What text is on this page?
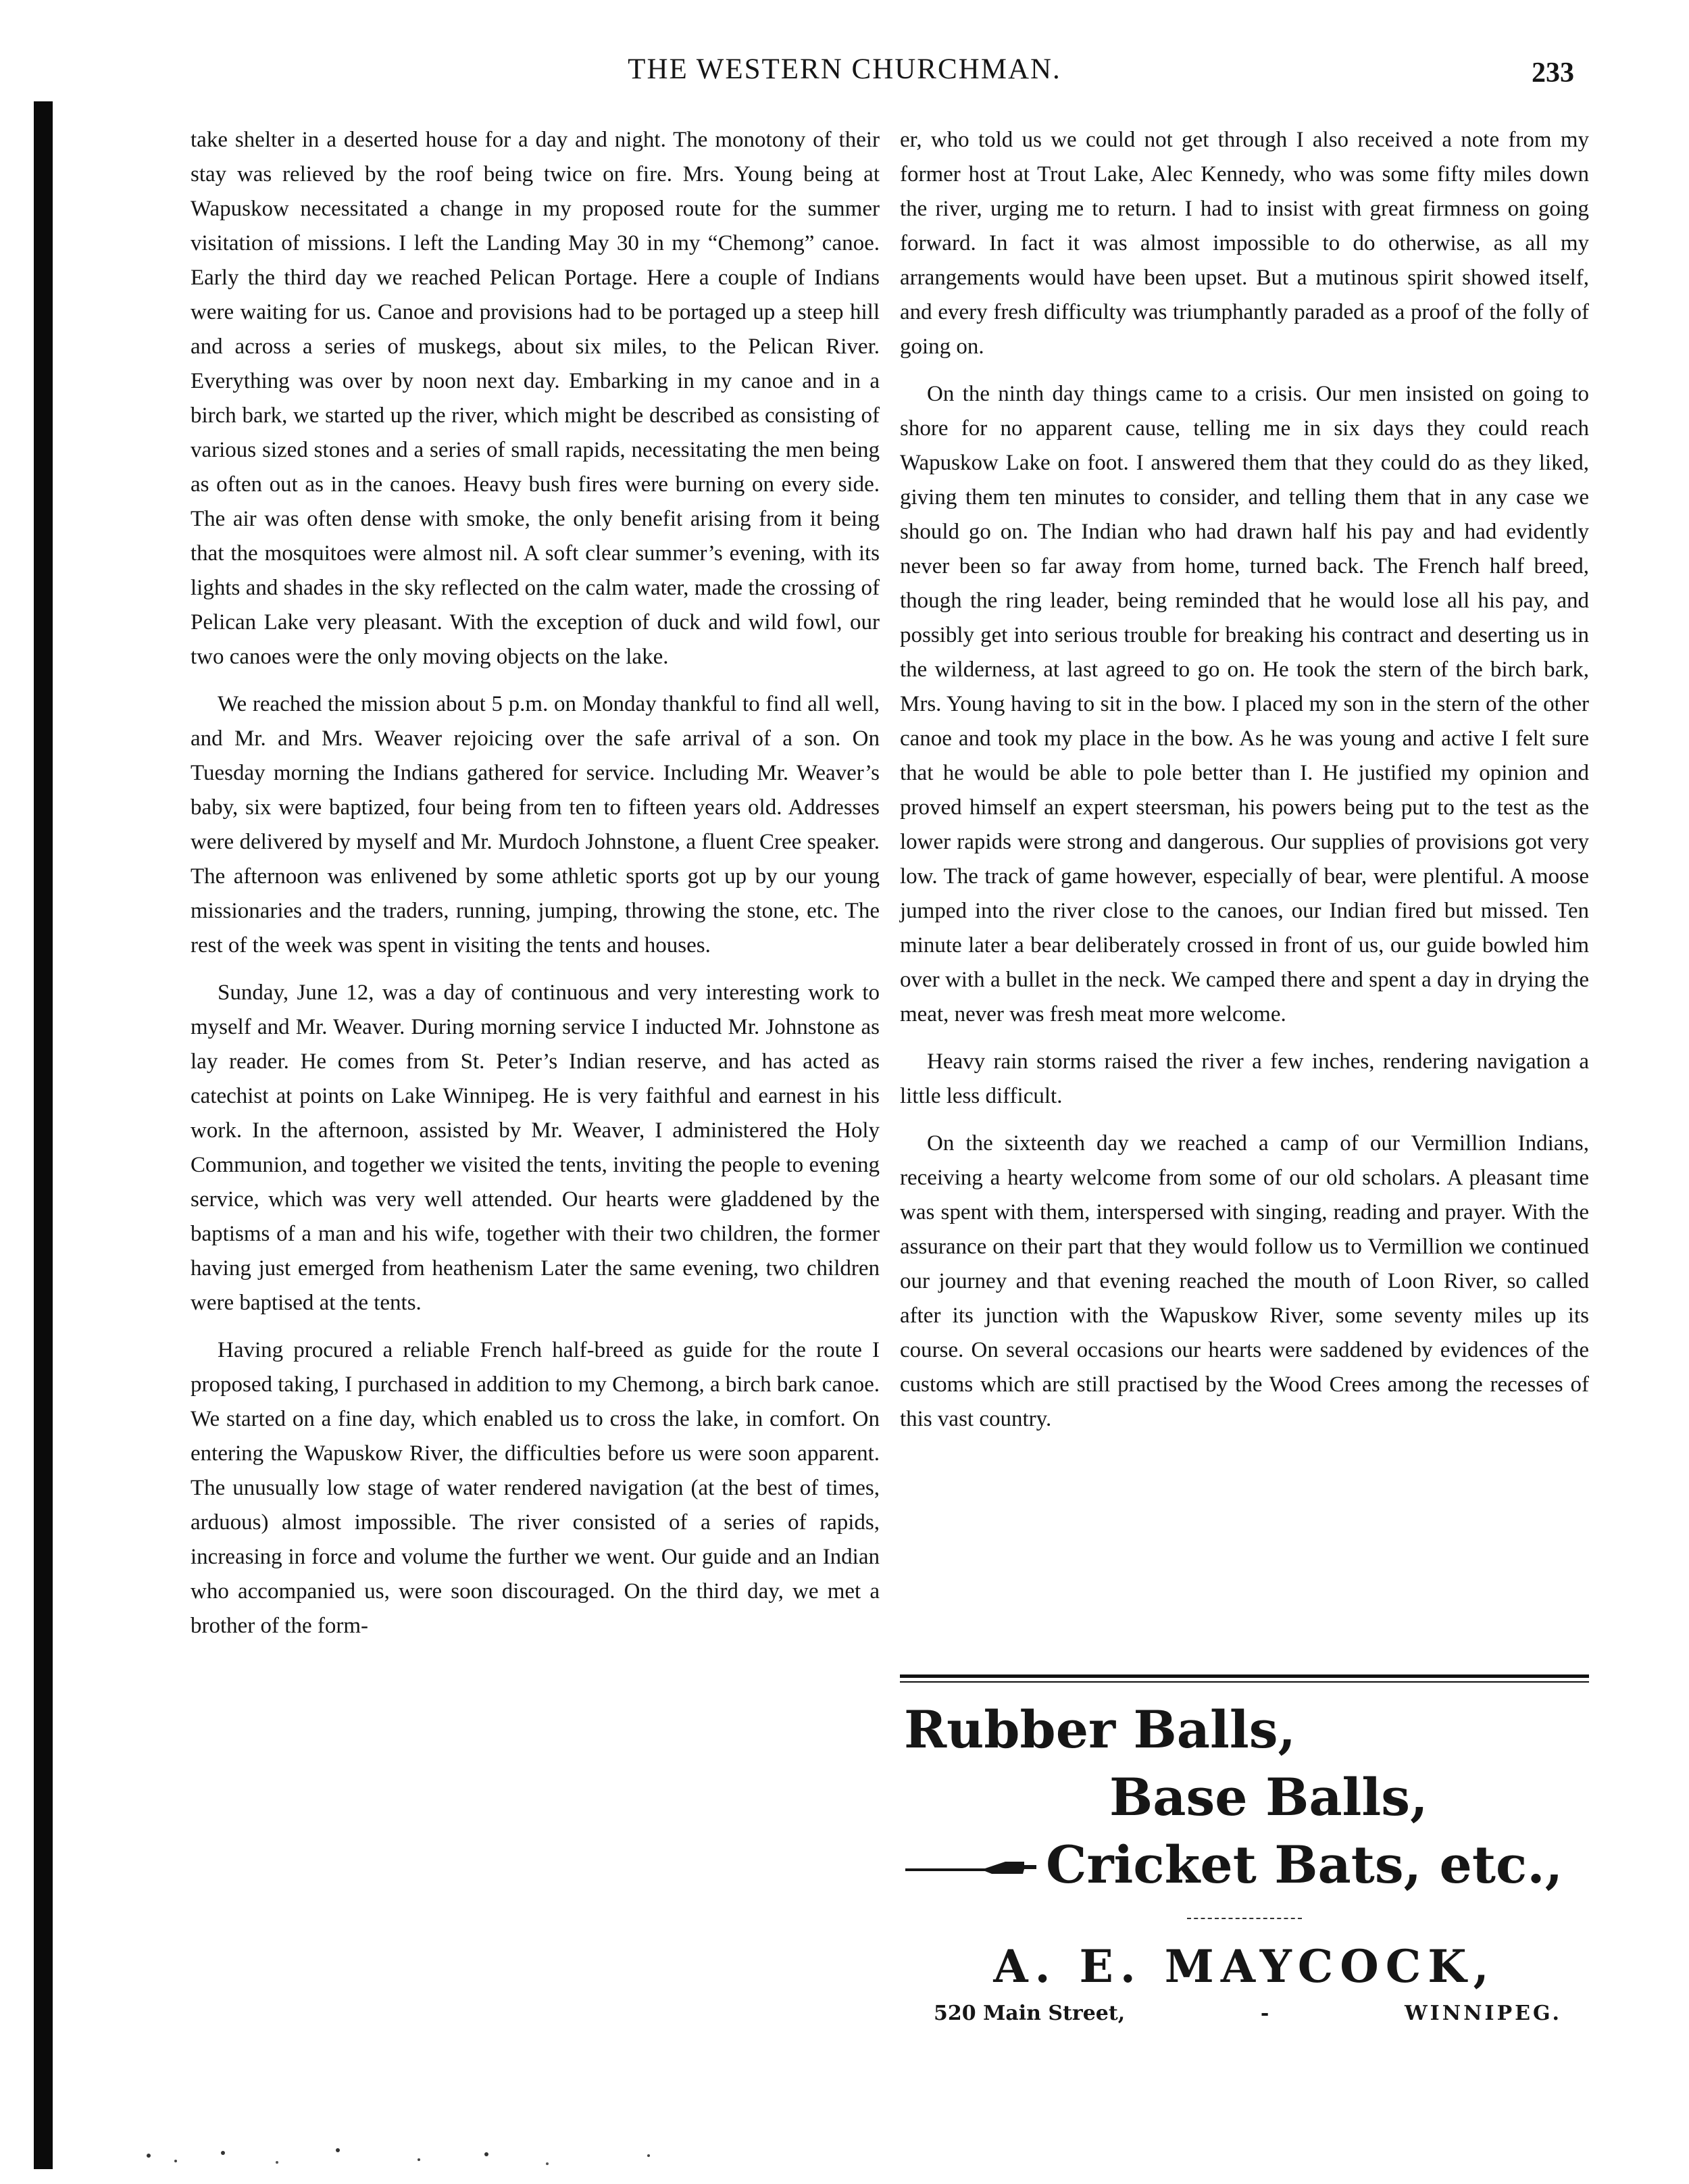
THE WESTERN CHURCHMAN.	233

take shelter in a deserted house for a day and night. The monotony of their stay was relieved by the roof being twice on fire. Mrs. Young being at Wapuskow necessitated a change in my proposed route for the summer visitation of missions. I left the Landing May 30 in my “Chemong” canoe. Early the third day we reached Pelican Portage. Here a couple of Indians were waiting for us. Canoe and provisions had to be portaged up a steep hill and across a series of muskegs, about six miles, to the Pelican River. Everything was over by noon next day. Embarking in my canoe and in a birch bark, we started up the river, which might be described as consisting of various sized stones and a series of small rapids, necessitating the men being as often out as in the canoes. Heavy bush fires were burning on every side. The air was often dense with smoke, the only benefit arising from it being that the mosquitoes were almost nil. A soft clear summer’s evening, with its lights and shades in the sky reflected on the calm water, made the crossing of Pelican Lake very pleasant. With the exception of duck and wild fowl, our two canoes were the only moving objects on the lake.

We reached the mission about 5 p.m. on Monday thankful to find all well, and Mr. and Mrs. Weaver rejoicing over the safe arrival of a son. On Tuesday morning the Indians gathered for service. Including Mr. Weaver’s baby, six were baptized, four being from ten to fifteen years old. Addresses were delivered by myself and Mr. Murdoch Johnstone, a fluent Cree speaker. The afternoon was enlivened by some athletic sports got up by our young missionaries and the traders, running, jumping, throwing the stone, etc. The rest of the week was spent in visiting the tents and houses.

Sunday, June 12, was a day of continuous and very interesting work to myself and Mr. Weaver. During morning service I inducted Mr. Johnstone as lay reader. He comes from St. Peter’s Indian reserve, and has acted as catechist at points on Lake Winnipeg. He is very faithful and earnest in his work. In the afternoon, assisted by Mr. Weaver, I administered the Holy Communion, and together we visited the tents, inviting the people to evening service, which was very well attended. Our hearts were gladdened by the baptisms of a man and his wife, together with their two children, the former having just emerged from heathenism Later the same evening, two children were baptised at the tents.

Having procured a reliable French half-breed as guide for the route I proposed taking, I purchased in addition to my Chemong, a birch bark canoe. We started on a fine day, which enabled us to cross the lake, in comfort. On entering the Wapuskow River, the difficulties before us were soon apparent. The unusually low stage of water rendered navigation (at the best of times, arduous) almost impossible. The river consisted of a series of rapids, increasing in force and volume the further we went. Our guide and an Indian who accompanied us, were soon discouraged. On the third day, we met a brother of the form-

er, who told us we could not get through I also received a note from my former host at Trout Lake, Alec Kennedy, who was some fifty miles down the river, urging me to return. I had to insist with great firmness on going forward. In fact it was almost impossible to do otherwise, as all my arrangements would have been upset. But a mutinous spirit showed itself, and every fresh difficulty was triumphantly paraded as a proof of the folly of going on.

On the ninth day things came to a crisis. Our men insisted on going to shore for no apparent cause, telling me in six days they could reach Wapuskow Lake on foot. I answered them that they could do as they liked, giving them ten minutes to consider, and telling them that in any case we should go on. The Indian who had drawn half his pay and had evidently never been so far away from home, turned back. The French half breed, though the ring leader, being reminded that he would lose all his pay, and possibly get into serious trouble for breaking his contract and deserting us in the wilderness, at last agreed to go on. He took the stern of the birch bark, Mrs. Young having to sit in the bow. I placed my son in the stern of the other canoe and took my place in the bow. As he was young and active I felt sure that he would be able to pole better than I. He justified my opinion and proved himself an expert steersman, his powers being put to the test as the lower rapids were strong and dangerous. Our supplies of provisions got very low. The track of game however, especially of bear, were plentiful. A moose jumped into the river close to the canoes, our Indian fired but missed. Ten minute later a bear deliberately crossed in front of us, our guide bowled him over with a bullet in the neck. We camped there and spent a day in drying the meat, never was fresh meat more welcome.

Heavy rain storms raised the river a few inches, rendering navigation a little less difficult.

On the sixteenth day we reached a camp of our Vermillion Indians, receiving a hearty welcome from some of our old scholars. A pleasant time was spent with them, interspersed with singing, reading and prayer. With the assurance on their part that they would follow us to Vermillion we continued our journey and that evening reached the mouth of Loon River, so called after its junction with the Wapuskow River, some seventy miles up its course. On several occasions our hearts were saddened by evidences of the customs which are still practised by the Wood Crees among the recesses of this vast country.

Rubber Balls,
Base Balls,
Cricket Bats, etc.,
A. E. MAYCOCK,
520 Main Street,	-	WINNIPEG.
